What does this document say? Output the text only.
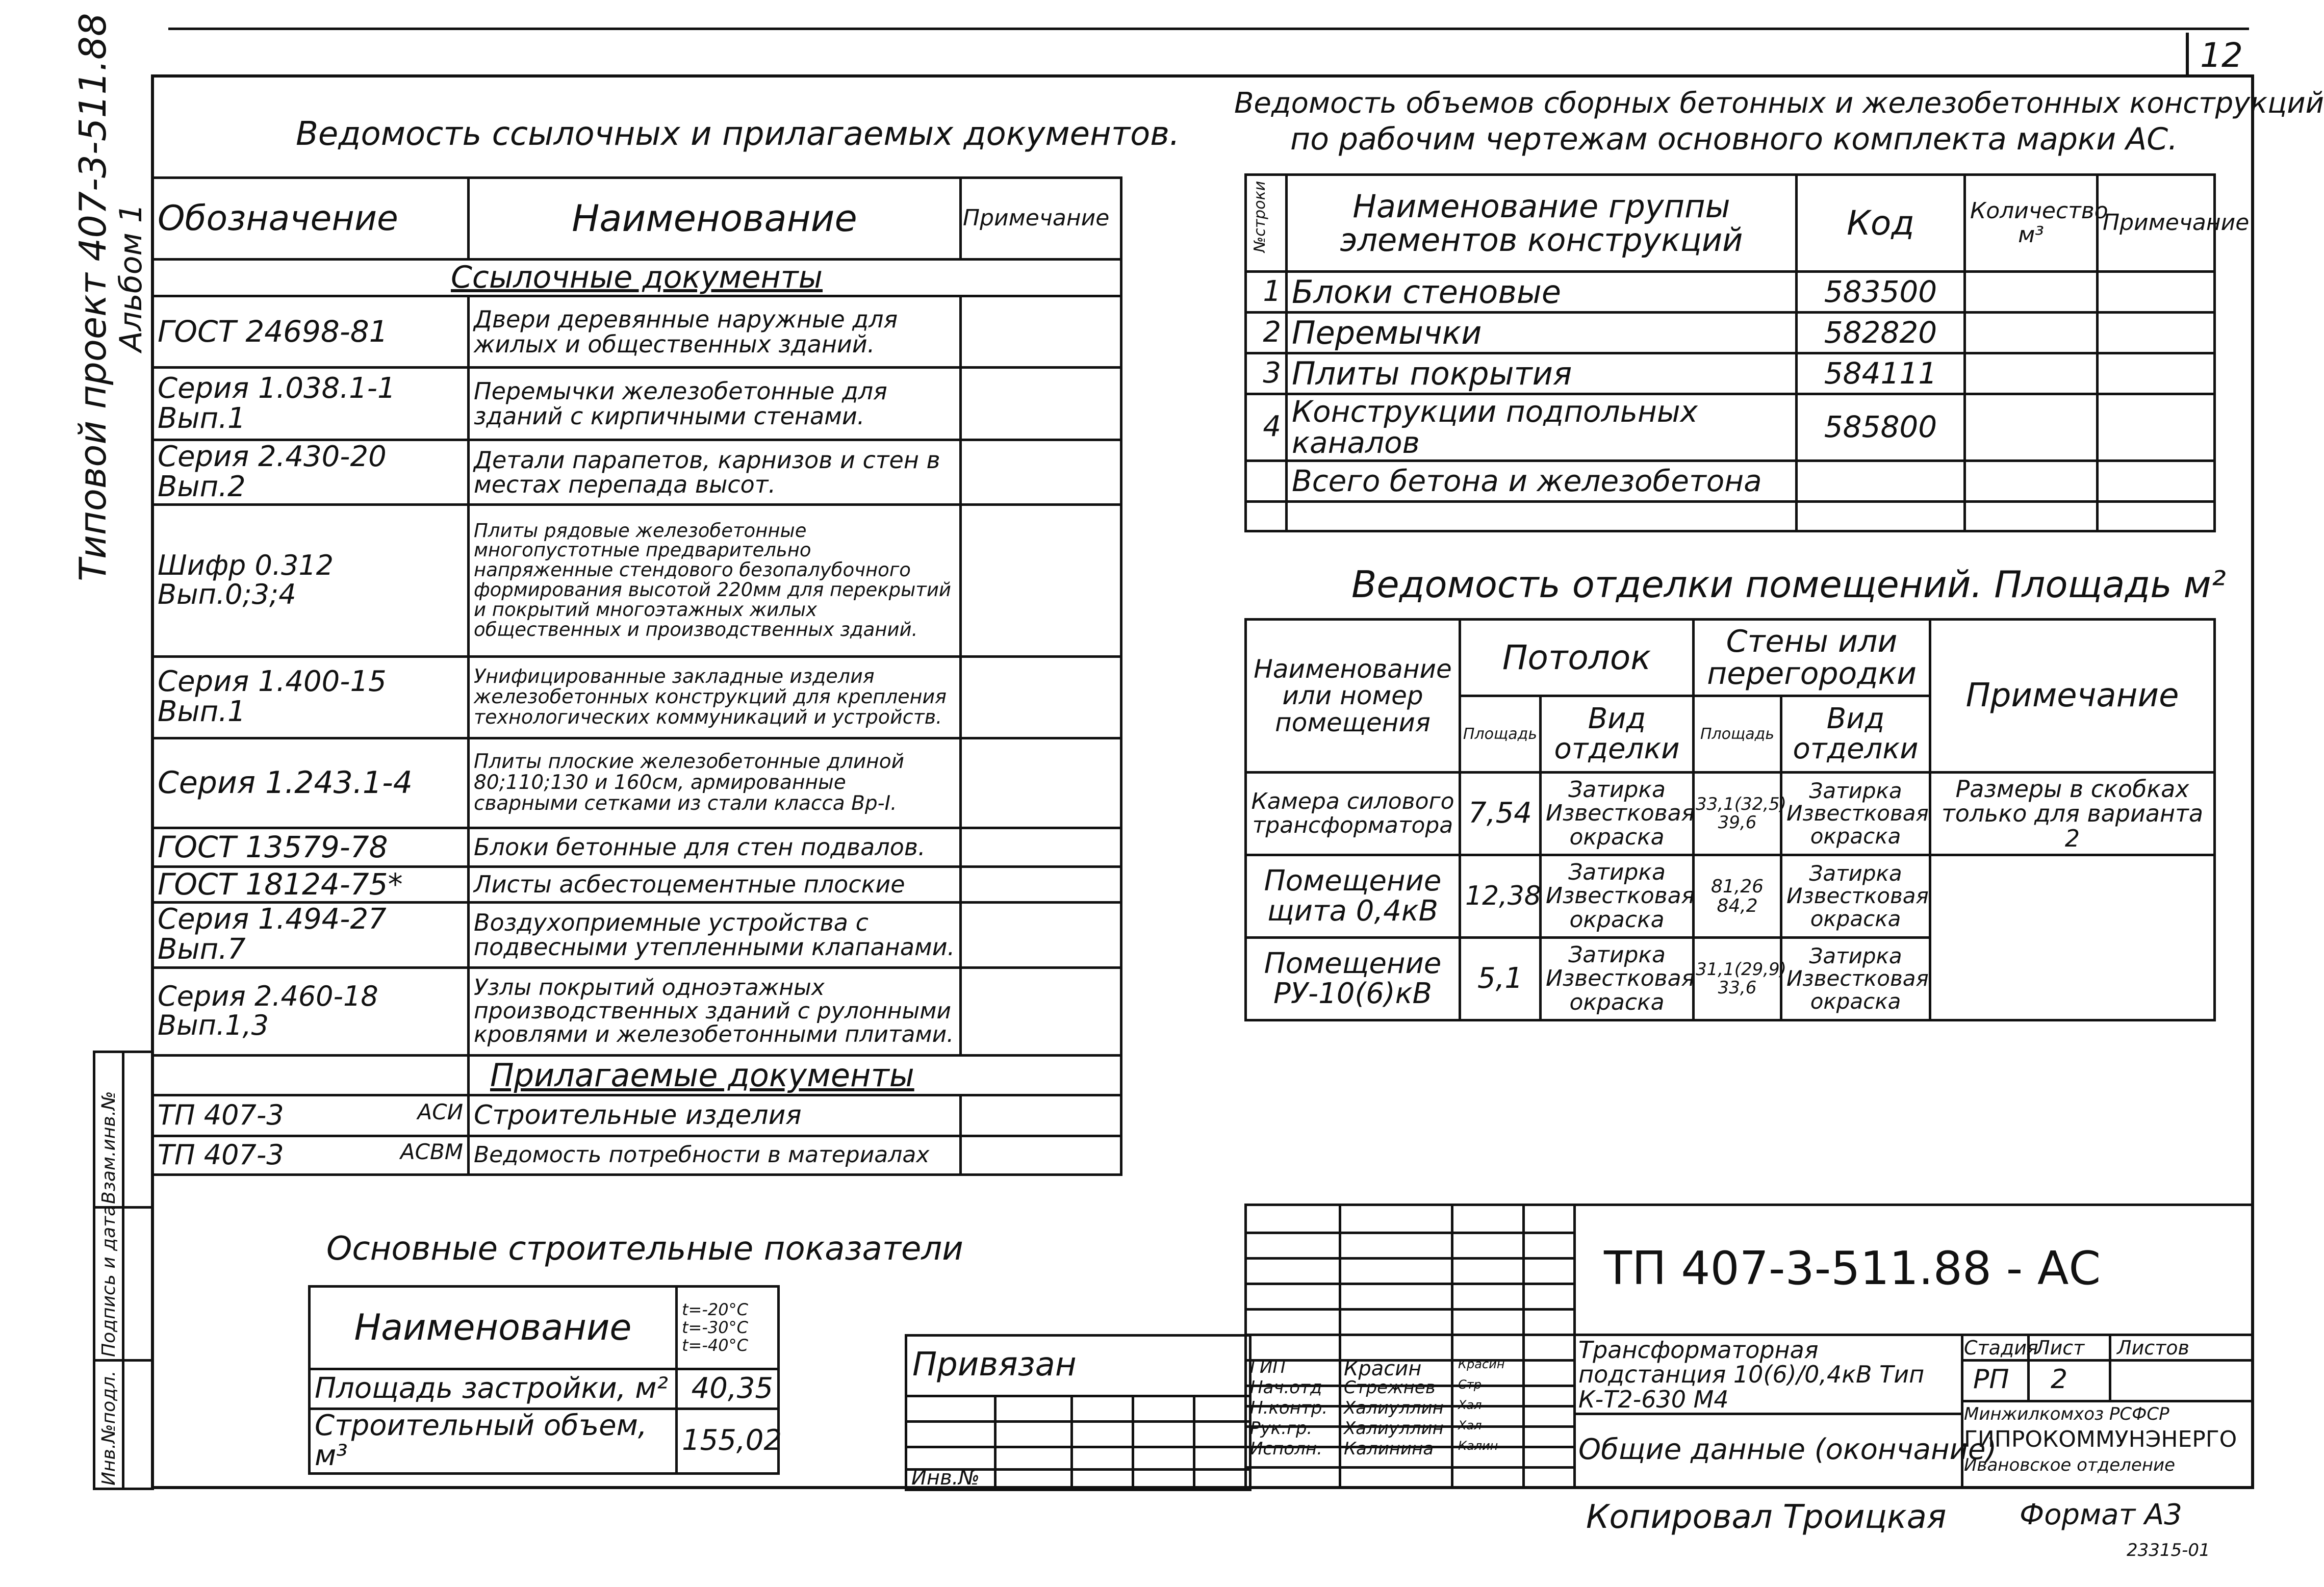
12
Типовой проект 407-3-511.88
Альбом 1
Взам.инв.№
Подпись и дата
Инв.№подл.
Ведомость ссылочных и прилагаемых документов.
Обозначение	Наименование	Примечание
Ссылочные документы		
ГОСТ 24698-81	Двери деревянные наружные для жилых и общественных зданий.	
Серия 1.038.1-1 Вып.1	Перемычки железобетонные для зданий с кирпичными стенами.	
Серия 2.430-20 Вып.2	Детали парапетов, карнизов и стен в местах перепада высот.	
Шифр 0.312 Вып.0;3;4	Плиты рядовые железобетонные многопустотные предварительно напряженные стендового безопалубочного формирования высотой 220мм для перекрытий и покрытий многоэтажных жилых общественных и производственных зданий.	
Серия 1.400-15 Вып.1	Унифицированные закладные изделия железобетонных конструкций для крепления технологических коммуникаций и устройств.	
Серия 1.243.1-4	Плиты плоские железобетонные длиной 80;110;130 и 160см, армированные сварными сетками из стали класса Вр-I.	
ГОСТ 13579-78	Блоки бетонные для стен подвалов.	
ГОСТ 18124-75*	Листы асбестоцементные плоские	
Серия 1.494-27 Вып.7	Воздухоприемные устройства с подвесными утепленными клапанами.	
Серия 2.460-18 Вып.1,3	Узлы покрытий одноэтажных производственных зданий с рулонными кровлями и железобетонными плитами.	
	Прилагаемые документы	
ТП 407-3 АСИ	Строительные изделия	
ТП 407-3 АСВМ	Ведомость потребности в материалах	
Ведомость объемов сборных бетонных и железобетонных конструкций
по рабочим чертежам основного комплекта марки АС.
№строки	Наименование группы элементов конструкций	Код	Количество м³	Примечание
1	Блоки стеновые	583500		
2	Перемычки	582820		
3	Плиты покрытия	584111		
4	Конструкции подпольных каналов	585800		
	Всего бетона и железобетона			

Ведомость отделки помещений. Площадь м²
Наименование или номер помещения	Потолок		Стены или перегородки		Примечание
	Площадь	Вид отделки	Площадь	Вид отделки	
Камера силового трансформатора	7,54	Затирка Известковая окраска	33,1(32,5) 39,6	Затирка Известковая окраска	Размеры в скобках только для варианта 2
Помещение щита 0,4кВ	12,38	Затирка Известковая окраска	81,26 84,2	Затирка Известковая окраска	
Помещение РУ-10(6)кВ	5,1	Затирка Известковая окраска	31,1(29,9) 33,6	Затирка Известковая окраска	
Основные строительные показатели
Наименование	t=-20°C
t=-30°C
t=-40°C

Площадь застройки, м²	40,35
Строительный объем, м³	155,02
Привязан
Инв.№
ГИП	Красин	Красин
Нач.отд Стрежнев Стр
Н.контр. Халиуллин Хал
Рук.гр. Халиуллин Хал
Исполн. Калинина Калин
ТП 407-3-511.88 - АС
Трансформаторная подстанция 10(6)/0,4кВ Тип К-Т2-630 М4
Общие данные (окончание)
Стадия
Лист Листов
РП 2
Минжилкомхоз РСФСР
ГИПРОКОММУНЭНЕРГО
Ивановское отделение
Копировал Троицкая	Формат А3
23315-01
